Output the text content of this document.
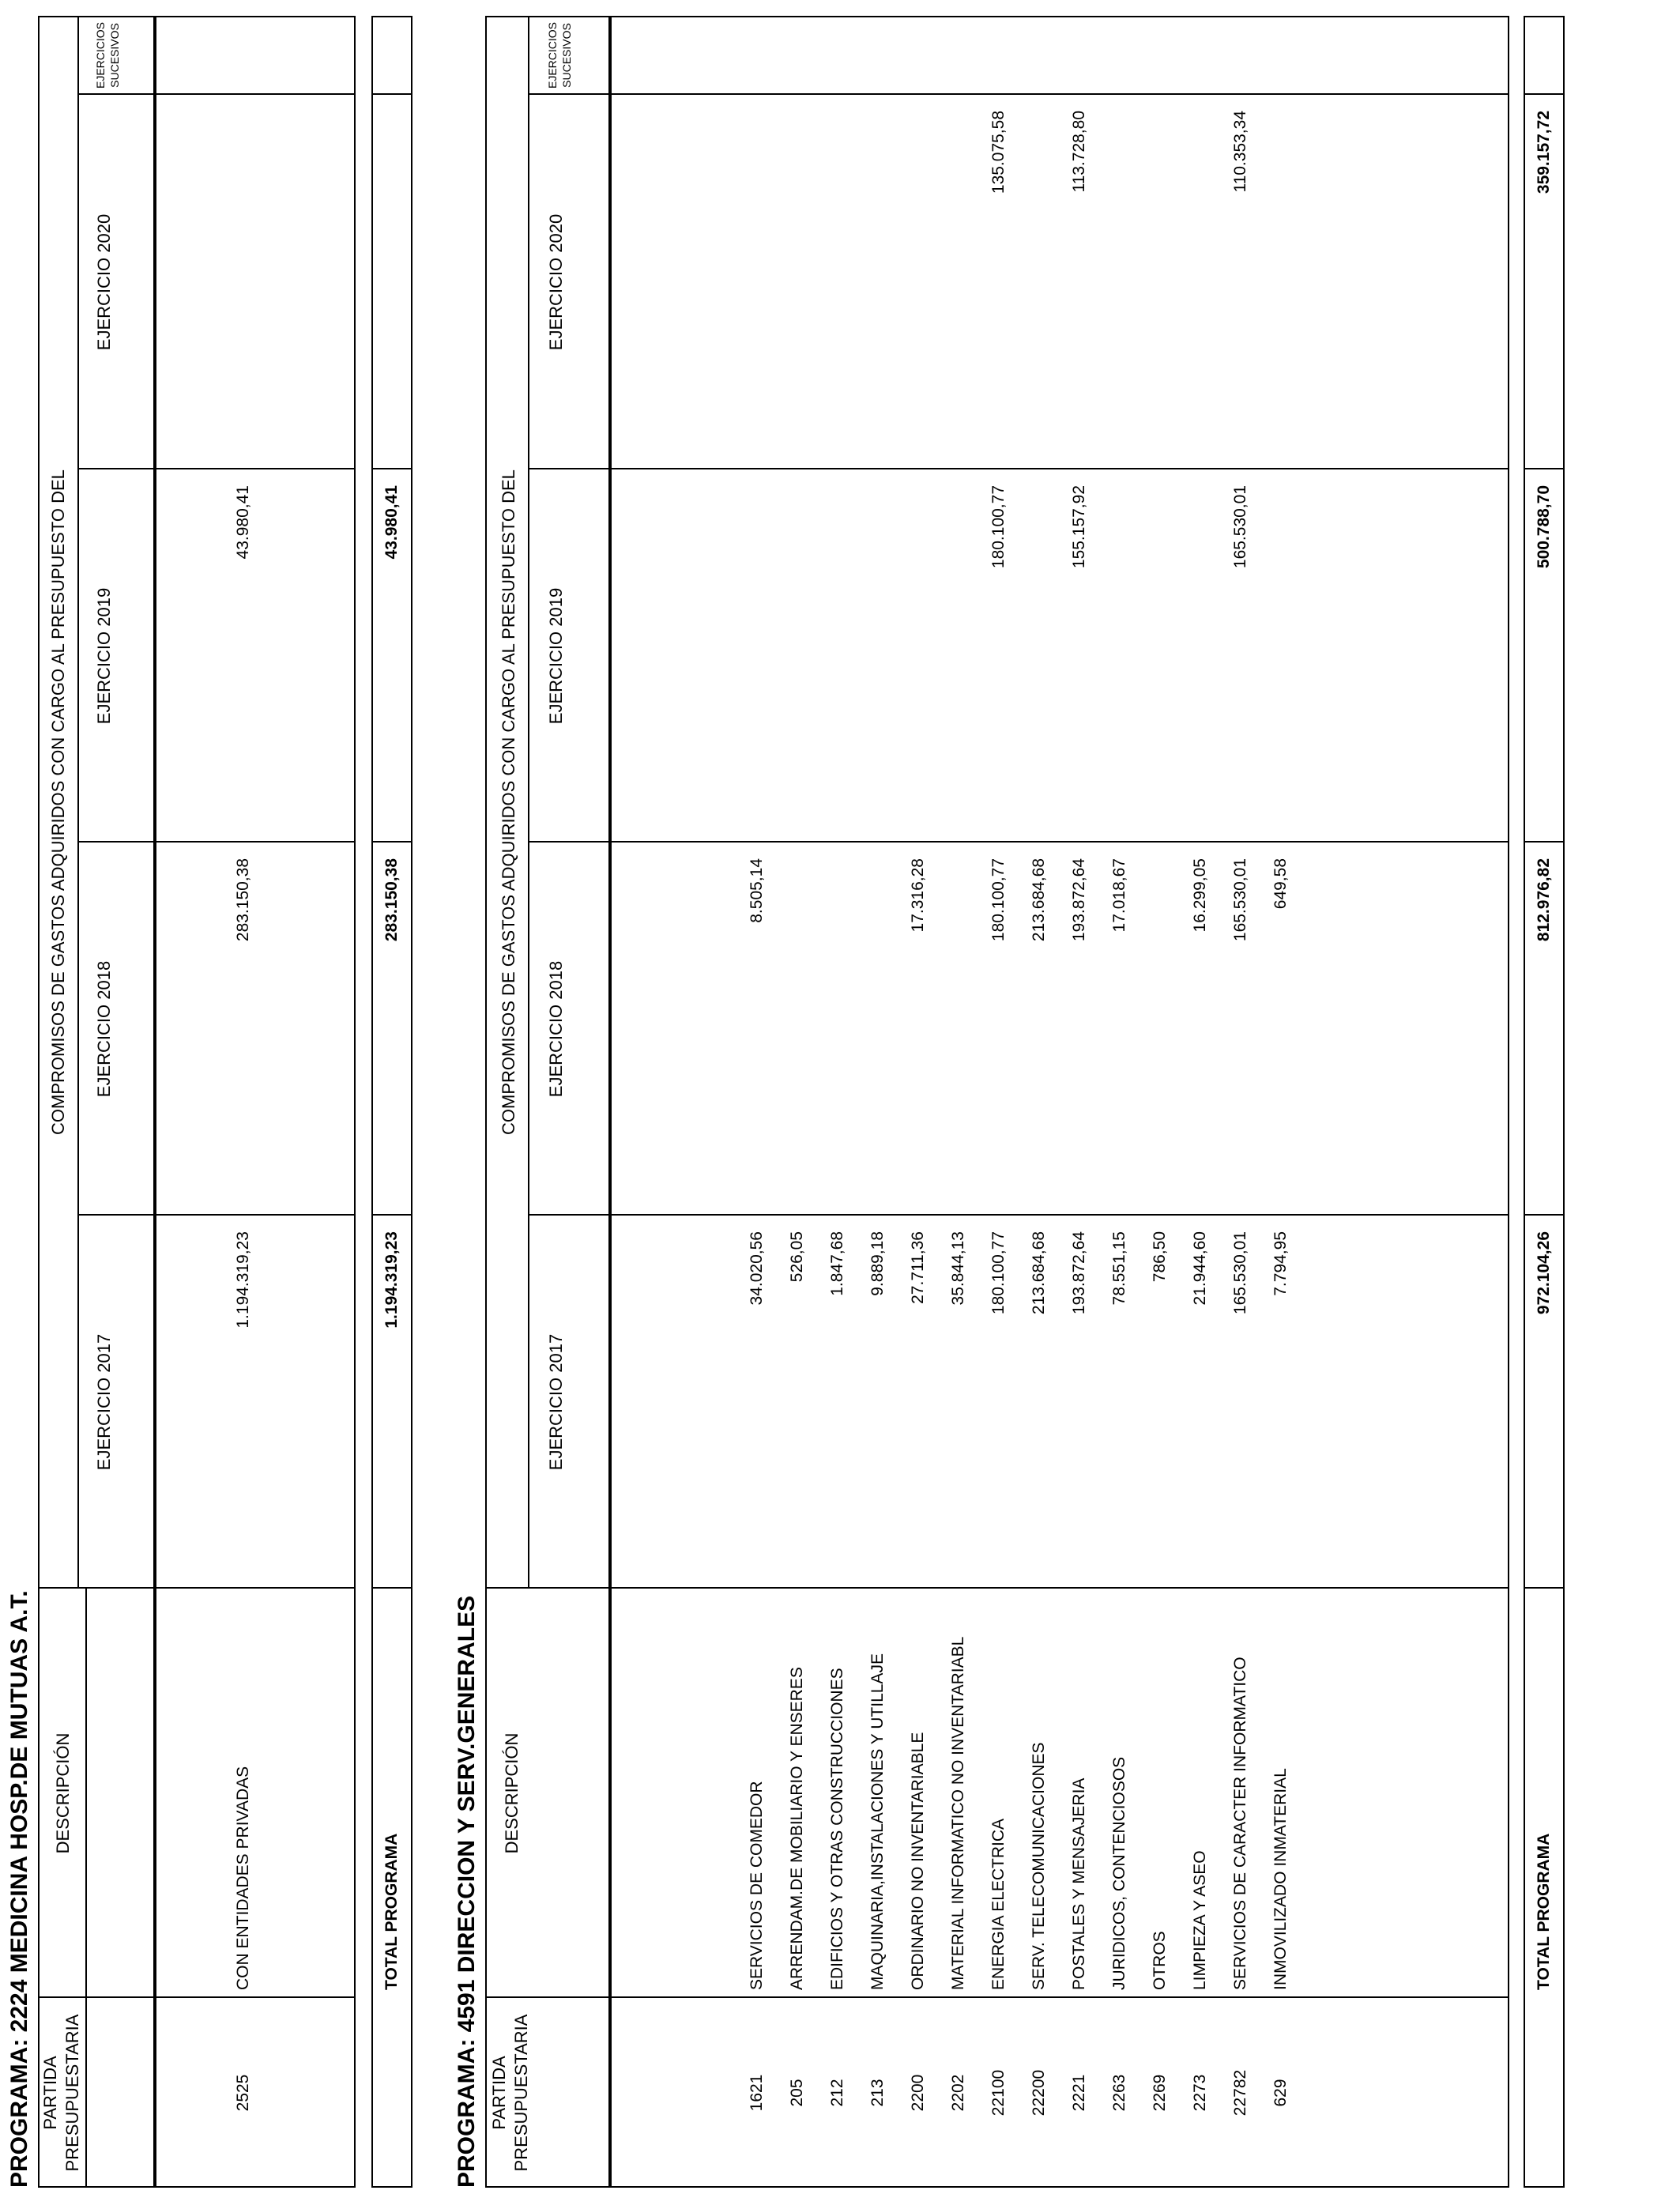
PROGRAMA: 2224 MEDICINA HOSP.DE MUTUAS A.T. PARTIDA
PRESUPUESTARIA
DESCRIPCIÓN
COMPROMISOS DE GASTOS ADQUIRIDOS CON CARGO AL PRESUPUESTO DEL
EJERCICIO 2017
EJERCICIO 2018
EJERCICIO 2019
EJERCICIO 2020
EJERCICIOS SUCESIVOS
2525
CON ENTIDADES PRIVADAS
1.194.319,23
283.150,38
43.980,41
TOTAL PROGRAMA
1.194.319,23
283.150,38
43.980,41
PROGRAMA: 4591 DIRECCION Y SERV.GENERALES PARTIDA
PRESUPUESTARIA
DESCRIPCIÓN
COMPROMISOS DE GASTOS ADQUIRIDOS CON CARGO AL PRESUPUESTO DEL
EJERCICIO 2017
EJERCICIO 2018
EJERCICIO 2019
EJERCICIO 2020
EJERCICIOS SUCESIVOS
1621
SERVICIOS DE COMEDOR
34.020,56
8.505,14
205
ARRENDAM.DE MOBILIARIO Y ENSERES
526,05
212
EDIFICIOS Y OTRAS CONSTRUCCIONES
1.847,68
213
MAQUINARIA,INSTALACIONES Y UTILLAJE
9.889,18
2200
ORDINARIO NO INVENTARIABLE
27.711,36
17.316,28
2202
MATERIAL INFORMATICO NO INVENTARIABL
35.844,13
22100
ENERGIA ELECTRICA
180.100,77
180.100,77
180.100,77
135.075,58
22200
SERV. TELECOMUNICACIONES
213.684,68
213.684,68
2221
POSTALES Y MENSAJERIA
193.872,64
193.872,64
155.157,92
113.728,80
2263
JURIDICOS, CONTENCIOSOS
78.551,15
17.018,67
2269
OTROS
786,50
2273
LIMPIEZA Y ASEO
21.944,60
16.299,05
22782
SERVICIOS DE CARACTER INFORMATICO
165.530,01
165.530,01
165.530,01
110.353,34
629
INMOVILIZADO INMATERIAL
7.794,95
649,58
TOTAL PROGRAMA
972.104,26
812.976,82
500.788,70
359.157,72
